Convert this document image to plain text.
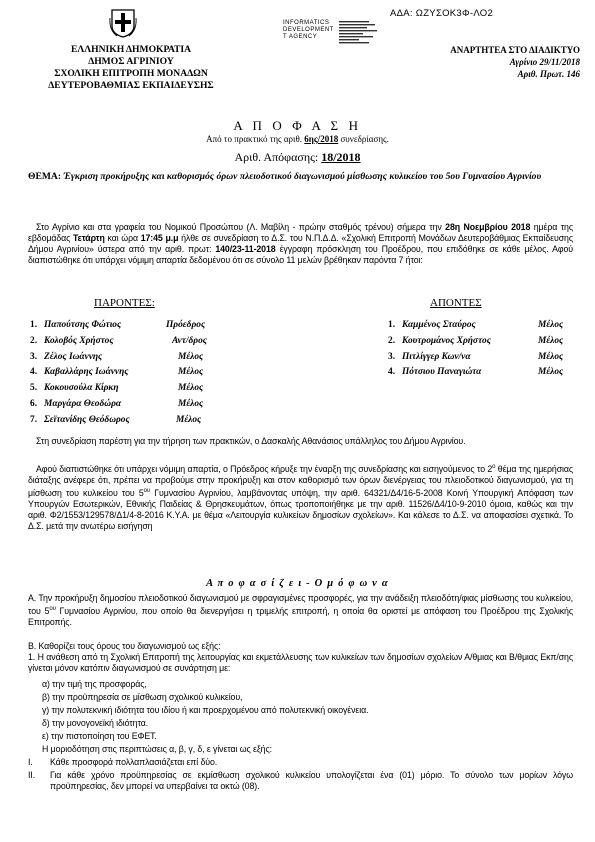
ΑΔΑ: ΩΖΥΣΟΚ3Φ-ΛΟ2
ΕΛΛΗΝΙΚΗ ΔΗΜΟΚΡΑΤΙΑ
ΔΗΜΟΣ ΑΓΡΙΝΙΟΥ
ΣΧΟΛΙΚΗ ΕΠΙΤΡΟΠΗ ΜΟΝΑΔΩΝ
ΔΕΥΤΕΡΟΒΑΘΜΙΑΣ ΕΚΠΑΙΔΕΥΣΗΣ
INFORMATICS
DEVELOPMENT
T AGENCY
ΑΝΑΡΤΗΤΕΑ ΣΤΟ ΔΙΑΔΙΚΤΥΟ
Αγρίνιο 29/11/2018
Αριθ. Πρωτ. 146
Α Π Ο Φ Α Σ Η
Από το πρακτικό της αριθ. 6ης/2018 συνεδρίασης.
Αριθ. Απόφασης: 18/2018
ΘΕΜΑ: Έγκριση προκήρυξης και καθορισμός όρων πλειοδοτικού διαγωνισμού μίσθωσης κυλικείου του 5ου Γυμνασίου Αγρινίου
Στο Αγρίνιο και στα γραφεία του Νομικού Προσώπου (Λ. Μαβίλη - πρώην σταθμός τρένου) σήμερα την 28η Νοεμβρίου 2018 ημέρα της εβδομάδας Τετάρτη και ώρα 17:45 μ.μ ήλθε σε συνεδρίαση το Δ.Σ. του Ν.Π.Δ.Δ. «Σχολική Επιτροπή Μονάδων Δευτεροβάθμιας Εκπαίδευσης Δήμου Αγρινίου» ύστερα από την αριθ. πρωτ: 140/23-11-2018 έγγραφη πρόσκληση του Προέδρου, που επιδόθηκε σε κάθε μέλος. Αφού διαπιστώθηκε ότι υπάρχει νόμιμη απαρτία δεδομένου ότι σε σύνολο 11 μελών βρέθηκαν παρόντα 7 ήτοι:
ΠΑΡΟΝΤΕΣ:	ΑΠΟΝΤΕΣ
1. Παπούτσης Φώτιος	Πρόεδρος
2. Κολοβός Χρήστος	Αντ/δρος
3. Ζέλος Ιωάννης	Μέλος
4. Καβαλλάρης Ιωάννης	Μέλος
5. Κοκουσούλα Κίρκη	Μέλος
6. Μαργάρα Θεοδώρα	Μέλος
7. Σεϊτανίδης Θεόδωρος	Μέλος
1. Καμμένος Σταύρος	Μέλος
2. Κουτρομάνος Χρήστος	Μέλος
3. Πιτλίγγερ Κων/να	Μέλος
4. Πότσιου Παναγιώτα	Μέλος
Στη συνεδρίαση παρέστη για την τήρηση των πρακτικών, ο Δασκαλής Αθανάσιος υπάλληλος του Δήμου Αγρινίου.
Αφού διαπιστώθηκε ότι υπάρχει νόμιμη απαρτία, ο Πρόεδρος κήρυξε την έναρξη της συνεδρίασης και εισηγούμενος το $2^o$ θέμα της ημερήσιας διάταξης ανέφερε ότι, πρέπει να προβούμε στην προκήρυξη και στον καθορισμό των όρων διενέργειας του πλειοδοτικού διαγωνισμού, για τη μίσθωση του κυλικείου του $5^{o\upsilon}$ Γυμνασίου Αγρινίου, λαμβάνοντας υπόψη, την αριθ. 64321/Δ4/16-5-2008 Κοινή Υπουργική Απόφαση των Υπουργών Εσωτερικών, Εθνικής Παιδείας & Θρησκευμάτων, όπως τροποποιήθηκε με την αριθ. 11526/Δ4/10-9-2010 όμοια, καθώς και την αριθ. Φ2/1553/129578/Δ1/4-8-2016 Κ.Υ.Α. με θέμα «Λειτουργία κυλικείων δημοσίων σχολείων». Και κάλεσε το Δ.Σ. να αποφασίσει σχετικά. Το Δ.Σ. μετά την ανωτέρω εισήγηση
Α π ο φ α σ ί ζ ε ι - Ο μ ό φ ω ν α
Α. Την προκήρυξη δημοσίου πλειοδοτικού διαγωνισμού με σφραγισμένες προσφορές, για την ανάδειξη πλειοδότη/φιας μίσθωσης του κυλικείου, του $5^{o\upsilon}$ Γυμνασίου Αγρινίου, που οποίο θα διενεργήσει η τριμελής επιτροπή, η οποία θα οριστεί με απόφαση του Προέδρου της Σχολικής Επιτροπής.
Β. Καθορίζει τους όρους του διαγωνισμού ως εξής:
1. Η ανάθεση από τη Σχολική Επιτροπή της λειτουργίας και εκμετάλλευσης των κυλικείων των δημοσίων σχολείων Α/θμιας και Β/θμιας Εκπ/σης γίνεται μόνον κατόπιν διαγωνισμού σε συνάρτηση με:
α) την τιμή της προσφοράς,
β) την προϋπηρεσία σε μίσθωση σχολικού κυλικείου,
γ) την πολυτεκνική ιδιότητα του ιδίου ή και προερχομένου από πολυτεκνική οικογένεια.
δ) την μονογονεϊκή ιδιότητα.
ε) την πιστοποίηση του ΕΦΕΤ.
Η μοριοδότηση στις περιπτώσεις α, β, γ, δ, ε γίνεται ως εξής:
I. Κάθε προσφορά πολλαπλασιάζεται επί δύο.
II. Για κάθε χρόνο προϋπηρεσίας σε εκμίσθωση σχολικού κυλικείου υπολογίζεται ένα (01) μόριο. Το σύνολο των μορίων λόγω προϋπηρεσίας, δεν μπορεί να υπερβαίνει τα οκτώ (08).
